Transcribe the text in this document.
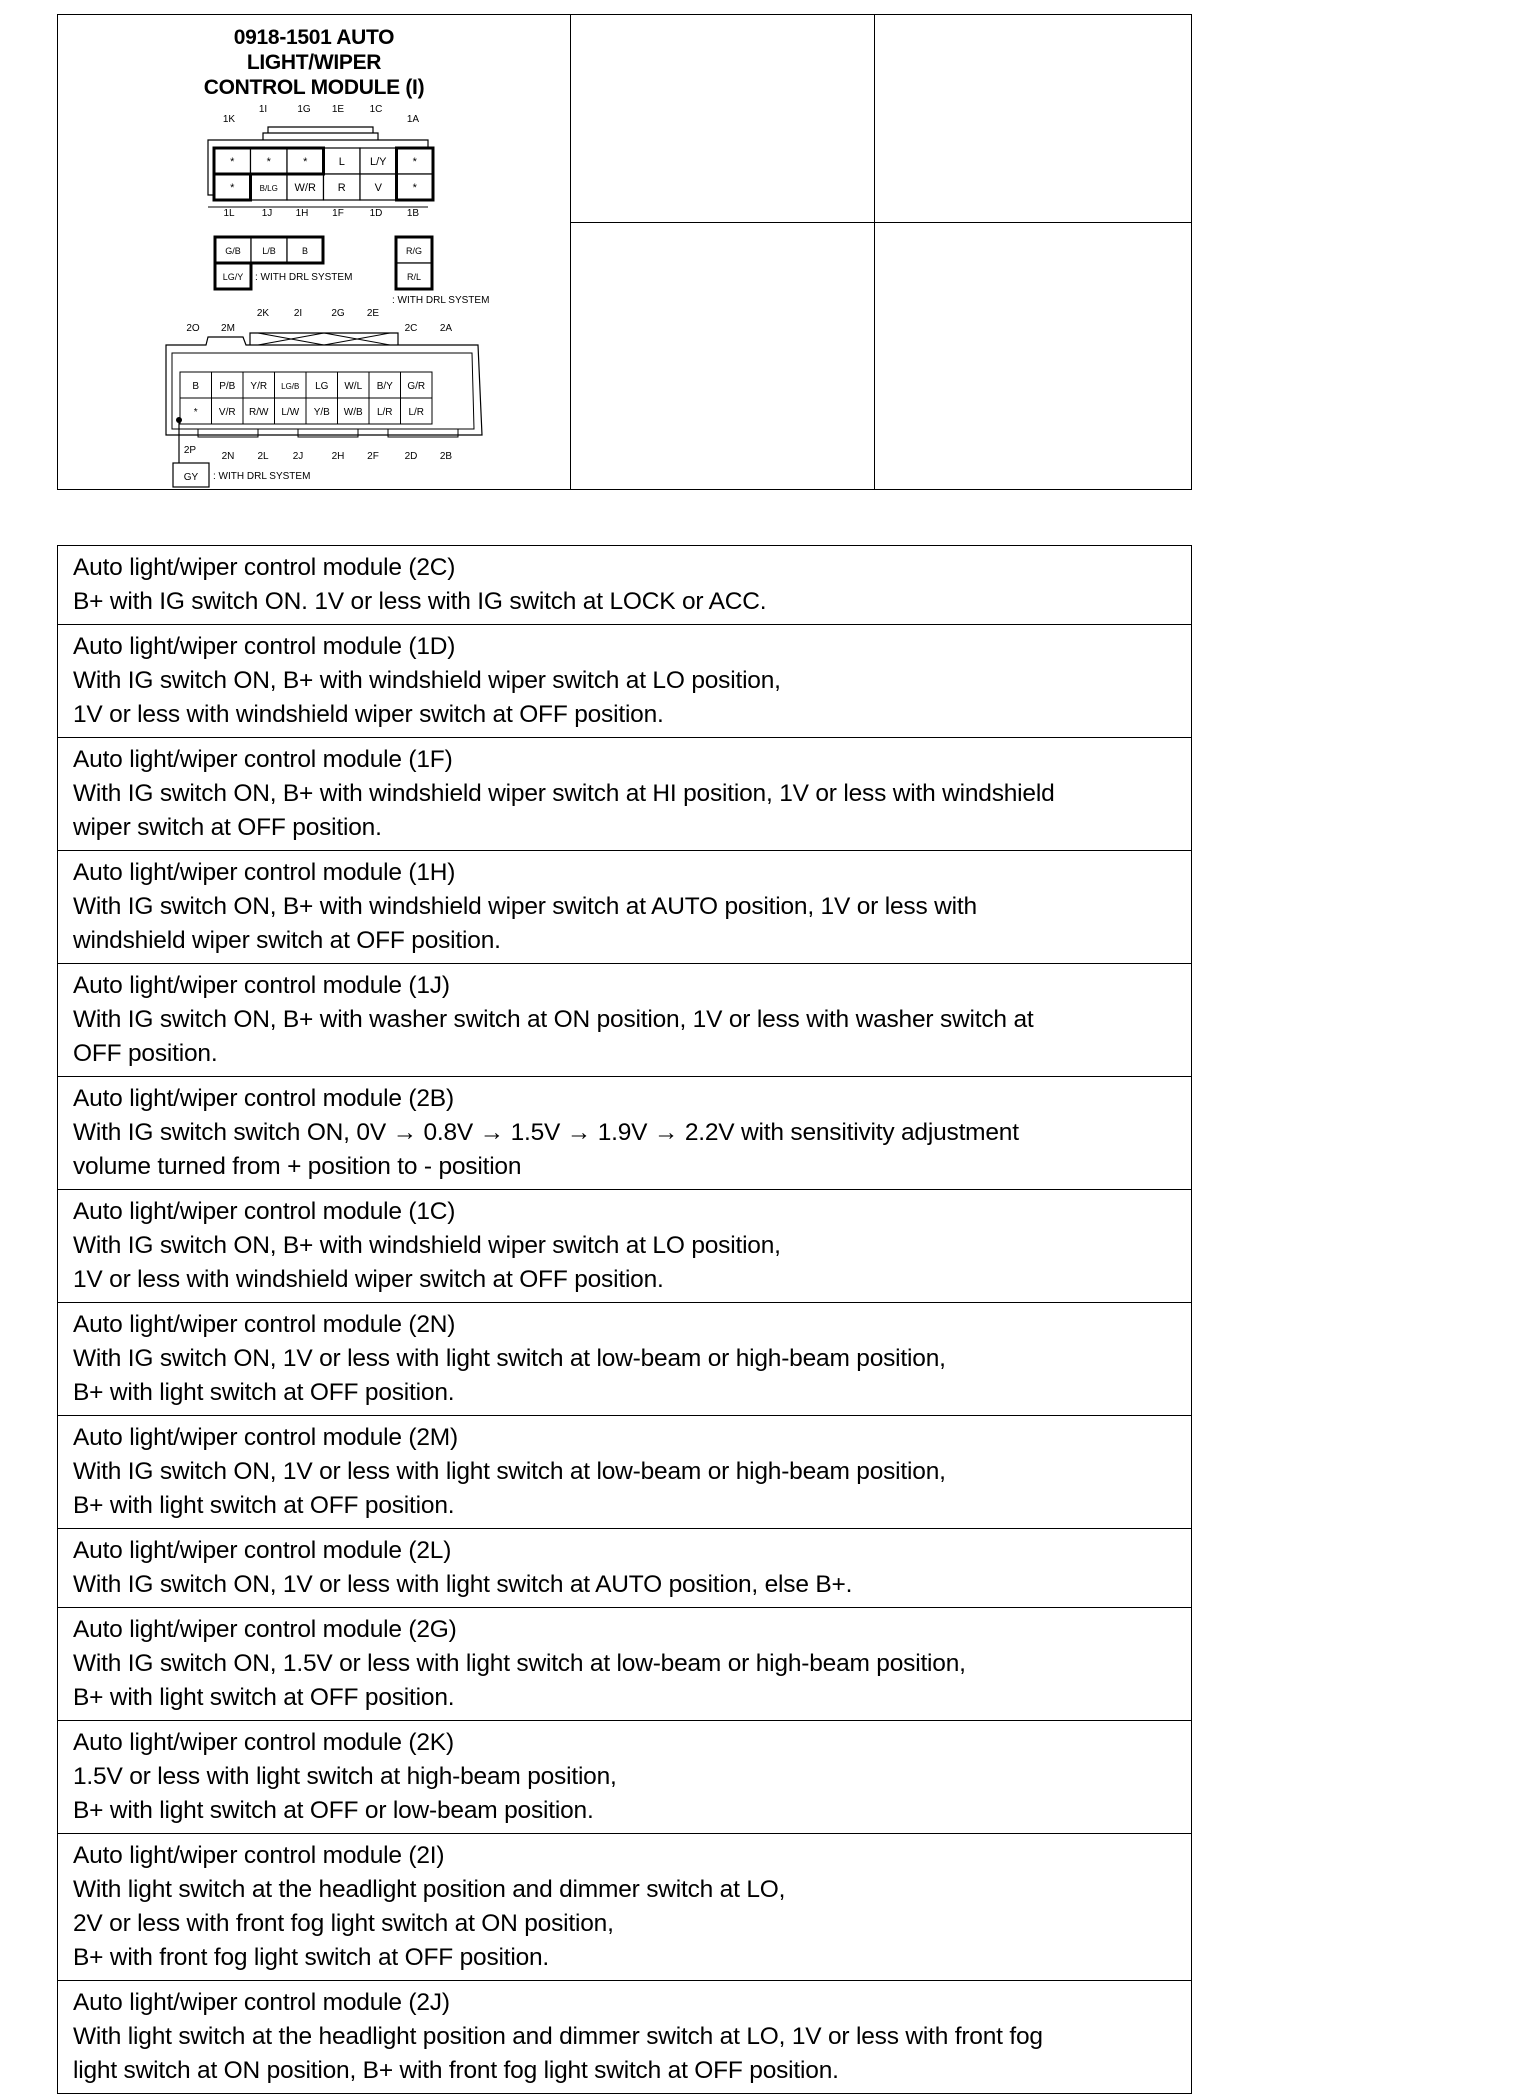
0918-1501 AUTO
LIGHT/WIPER
CONTROL MODULE (I)
1K
1I	1G 1E	1C
1A
*	*	*	L L/Y *
*	B/LG W/R R	V	*
1L	1J 1H 1F	1D 1B
G/B L/B	B
LG/Y : WITH DRL SYSTEM
R/G
R/L
: WITH DRL SYSTEM
2O 2M
2K 2I	2G 2E
2C 2A
B P/B Y/R LG/B LG W/L B/Y G/R
* V/R R/W L/W Y/B W/B L/R L/R
2P
2N 2L 2J	2H 2F	2D 2B
GY : WITH DRL SYSTEM
Auto light/wiper control module (2C)
B+ with IG switch ON. 1V or less with IG switch at LOCK or ACC.
Auto light/wiper control module (1D)
With IG switch ON, B+ with windshield wiper switch at LO position,
1V or less with windshield wiper switch at OFF position.
Auto light/wiper control module (1F)
With IG switch ON, B+ with windshield wiper switch at HI position, 1V or less with windshield
wiper switch at OFF position.
Auto light/wiper control module (1H)
With IG switch ON, B+ with windshield wiper switch at AUTO position, 1V or less with
windshield wiper switch at OFF position.
Auto light/wiper control module (1J)
With IG switch ON, B+ with washer switch at ON position, 1V or less with washer switch at
OFF position.
Auto light/wiper control module (2B)
With IG switch switch ON, 0V → 0.8V → 1.5V → 1.9V → 2.2V with sensitivity adjustment
volume turned from + position to - position
Auto light/wiper control module (1C)
With IG switch ON, B+ with windshield wiper switch at LO position,
1V or less with windshield wiper switch at OFF position.
Auto light/wiper control module (2N)
With IG switch ON, 1V or less with light switch at low-beam or high-beam position,
B+ with light switch at OFF position.
Auto light/wiper control module (2M)
With IG switch ON, 1V or less with light switch at low-beam or high-beam position,
B+ with light switch at OFF position.
Auto light/wiper control module (2L)
With IG switch ON, 1V or less with light switch at AUTO position, else B+.
Auto light/wiper control module (2G)
With IG switch ON, 1.5V or less with light switch at low-beam or high-beam position,
B+ with light switch at OFF position.
Auto light/wiper control module (2K)
1.5V or less with light switch at high-beam position,
B+ with light switch at OFF or low-beam position.
Auto light/wiper control module (2I)
With light switch at the headlight position and dimmer switch at LO,
2V or less with front fog light switch at ON position,
B+ with front fog light switch at OFF position.
Auto light/wiper control module (2J)
With light switch at the headlight position and dimmer switch at LO, 1V or less with front fog
light switch at ON position, B+ with front fog light switch at OFF position.
